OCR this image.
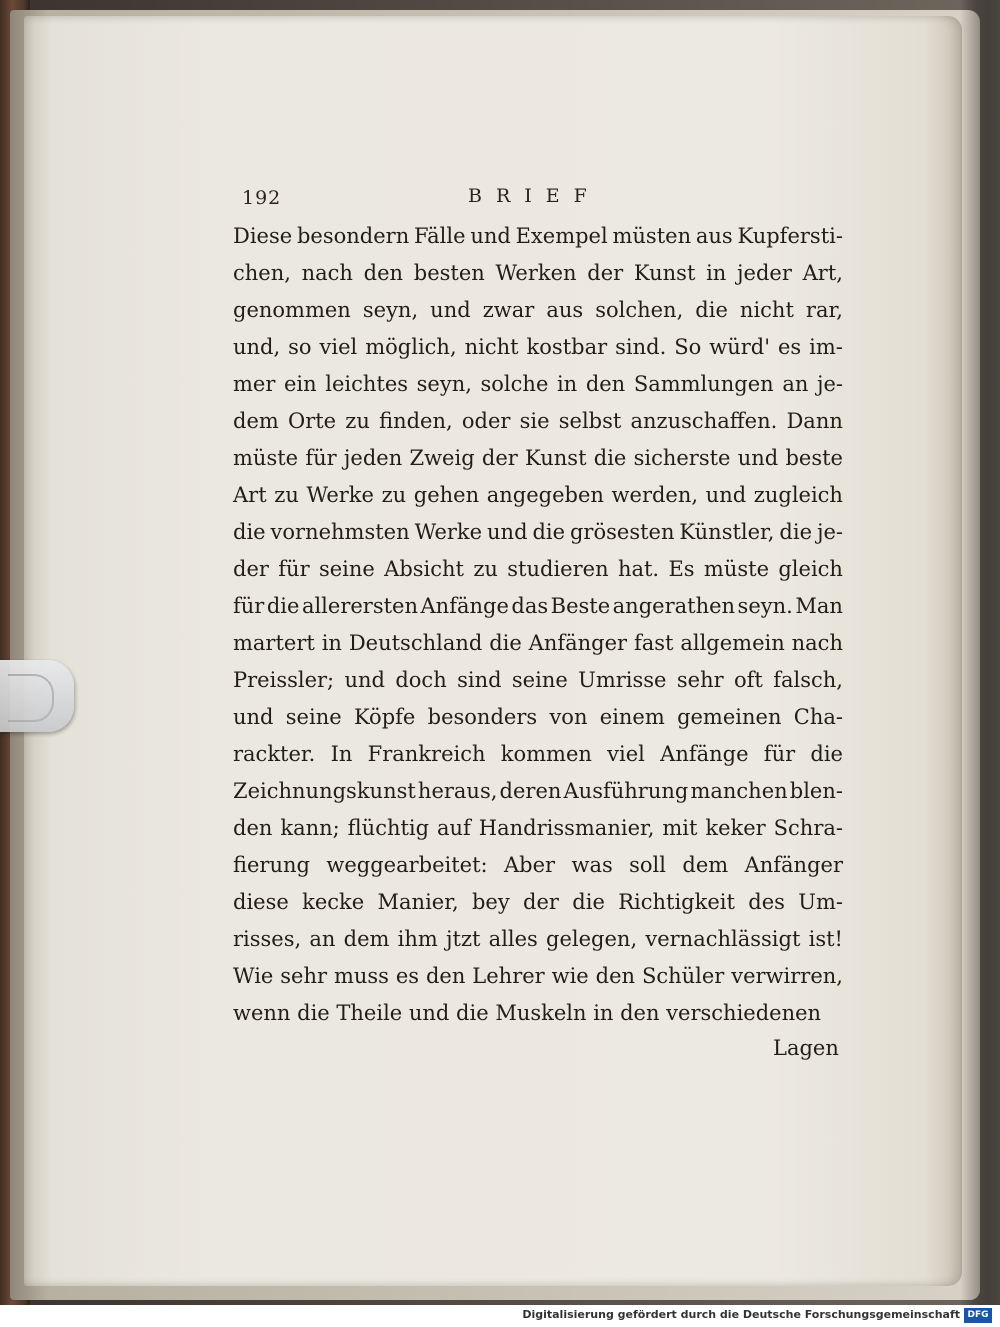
192	BRIEF
Diese besondern Fälle und Exempel müsten aus Kupfersti-
chen, nach den besten Werken der Kunst in jeder Art,
genommen seyn, und zwar aus solchen, die nicht rar,
und, so viel möglich, nicht kostbar sind. So würd' es im-
mer ein leichtes seyn, solche in den Sammlungen an je-
dem Orte zu finden, oder sie selbst anzuschaffen. Dann
müste für jeden Zweig der Kunst die sicherste und beste
Art zu Werke zu gehen angegeben werden, und zugleich
die vornehmsten Werke und die grösesten Künstler, die je-
der für seine Absicht zu studieren hat. Es müste gleich
für die allerersten Anfänge das Beste angerathen seyn. Man
martert in Deutschland die Anfänger fast allgemein nach
Preissler; und doch sind seine Umrisse sehr oft falsch,
und seine Köpfe besonders von einem gemeinen Cha-
rackter. In Frankreich kommen viel Anfänge für die
Zeichnungskunst heraus, deren Ausführung manchen blen-
den kann; flüchtig auf Handrissmanier, mit keker Schra-
fierung weggearbeitet: Aber was soll dem Anfänger
diese kecke Manier, bey der die Richtigkeit des Um-
risses, an dem ihm jtzt alles gelegen, vernachlässigt ist!
Wie sehr muss es den Lehrer wie den Schüler verwirren,
wenn die Theile und die Muskeln in den verschiedenen
Lagen
Digitalisierung gefördert durch die Deutsche Forschungsgemeinschaft DFG
